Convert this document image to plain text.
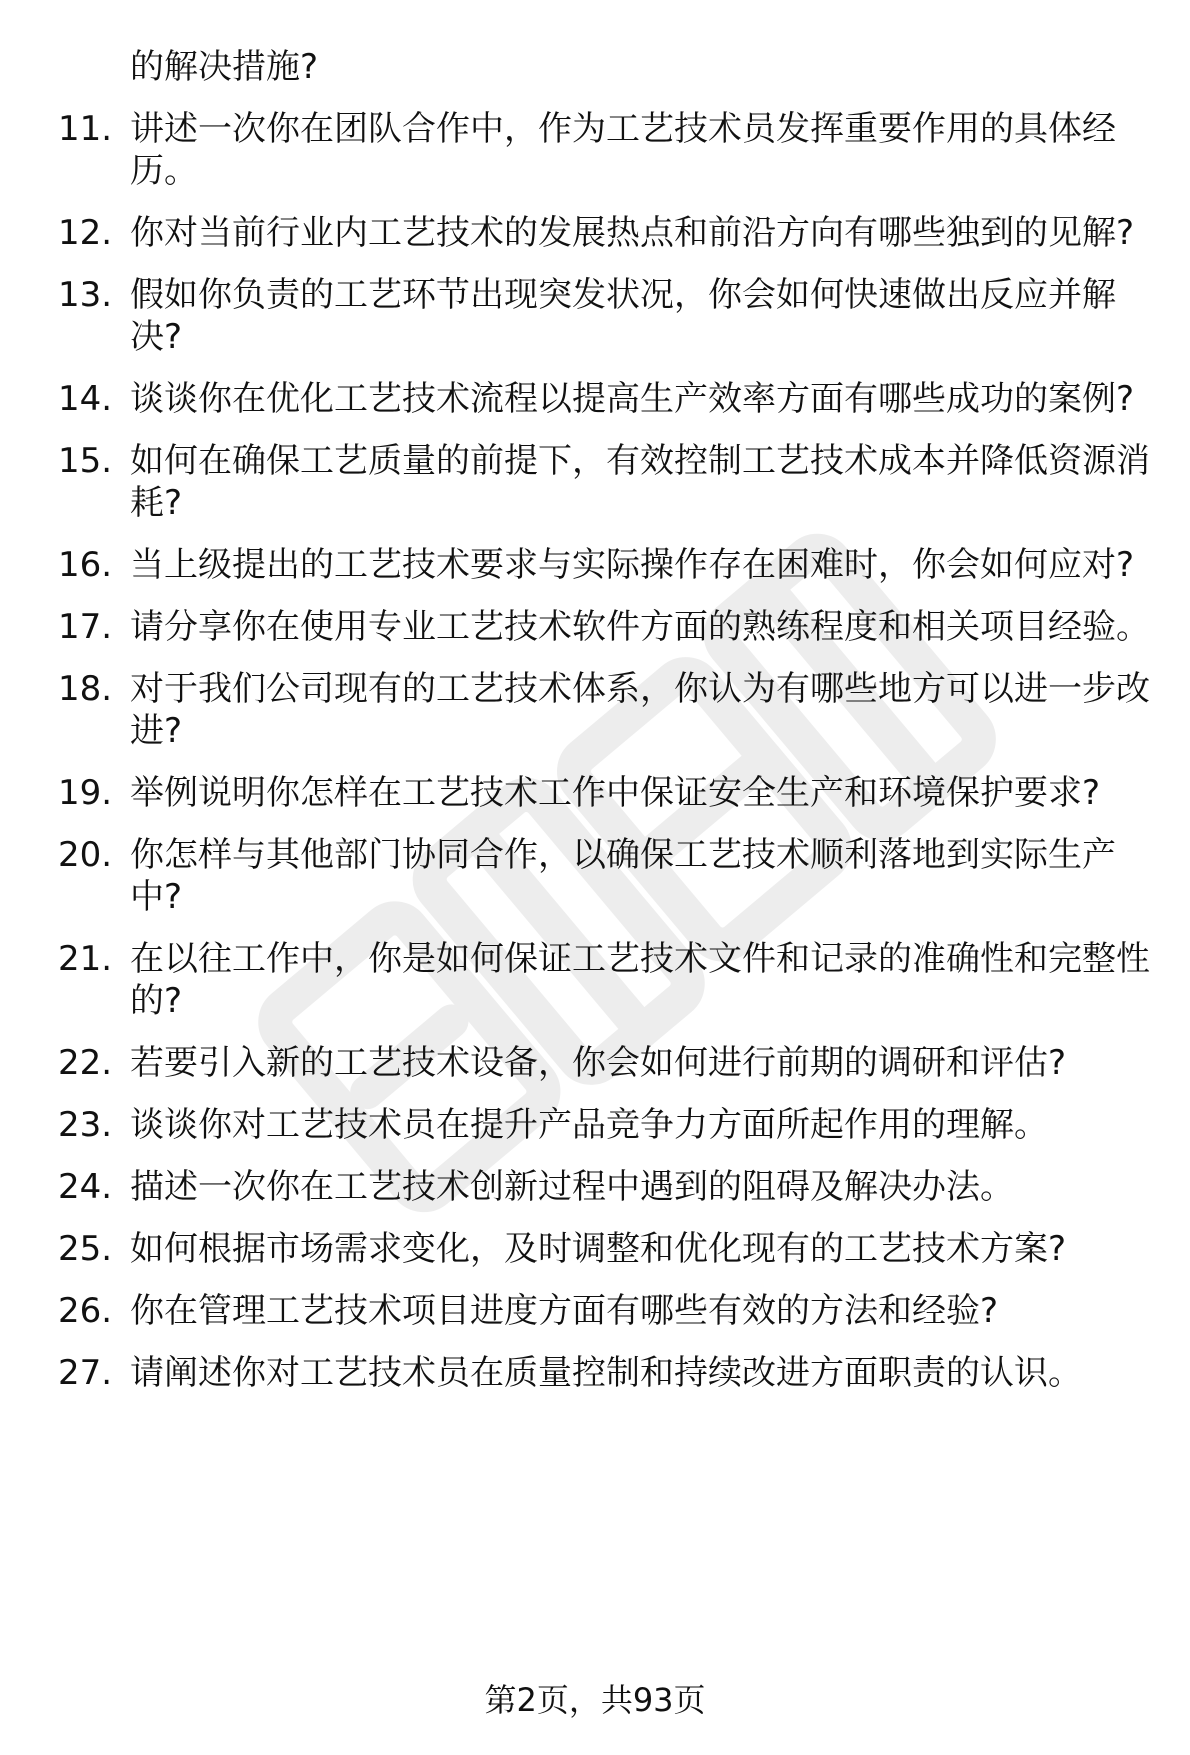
的解决措施?
11. 讲述一次你在团队合作中，作为工艺技术员发挥重要作用的具体经历。
12. 你对当前行业内工艺技术的发展热点和前沿方向有哪些独到的见解?
13. 假如你负责的工艺环节出现突发状况，你会如何快速做出反应并解决?
14. 谈谈你在优化工艺技术流程以提高生产效率方面有哪些成功的案例?
15. 如何在确保工艺质量的前提下，有效控制工艺技术成本并降低资源消耗?
16. 当上级提出的工艺技术要求与实际操作存在困难时，你会如何应对?
17. 请分享你在使用专业工艺技术软件方面的熟练程度和相关项目经验。
18. 对于我们公司现有的工艺技术体系，你认为有哪些地方可以进一步改进?
19. 举例说明你怎样在工艺技术工作中保证安全生产和环境保护要求?
20. 你怎样与其他部门协同合作，以确保工艺技术顺利落地到实际生产中?
21. 在以往工作中，你是如何保证工艺技术文件和记录的准确性和完整性的?
22. 若要引入新的工艺技术设备，你会如何进行前期的调研和评估?
23. 谈谈你对工艺技术员在提升产品竞争力方面所起作用的理解。
24. 描述一次你在工艺技术创新过程中遇到的阻碍及解决办法。
25. 如何根据市场需求变化，及时调整和优化现有的工艺技术方案?
26. 你在管理工艺技术项目进度方面有哪些有效的方法和经验?
27. 请阐述你对工艺技术员在质量控制和持续改进方面职责的认识。
第2页，共93页
